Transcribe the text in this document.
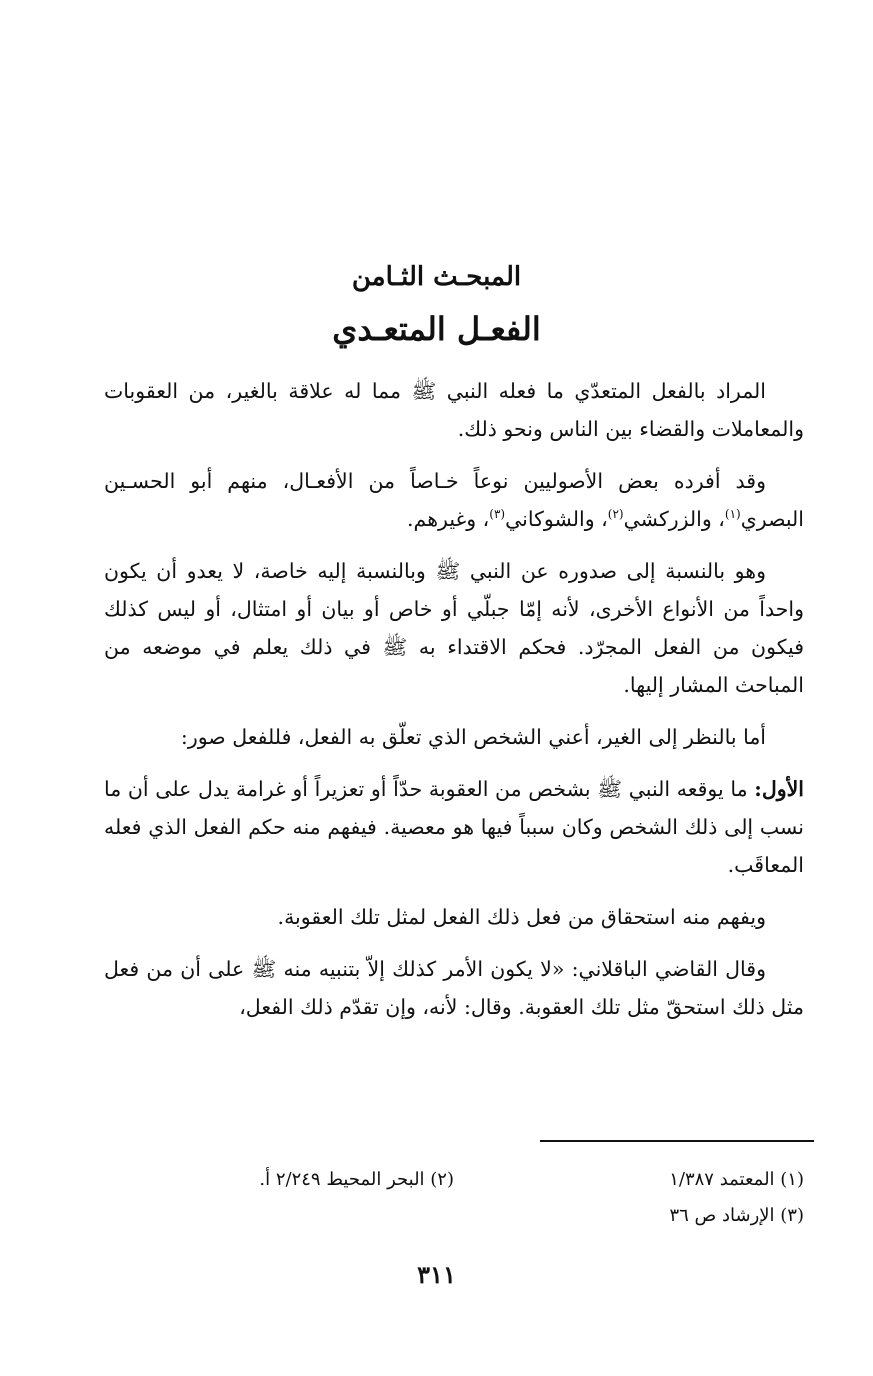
المبحـث الثـامن
الفعـل المتعـدي

المراد بالفعل المتعدّي ما فعله النبي ﷺ مما له علاقة بالغير، من العقوبات والمعاملات والقضاء بين الناس ونحو ذلك.

وقد أفرده بعض الأصوليين نوعاً خـاصاً من الأفعـال، منهم أبو الحسـين البصري$^{(١)}$، والزركشي$^{(٢)}$، والشوكاني$^{(٣)}$، وغيرهم.

وهو بالنسبة إلى صدوره عن النبي ﷺ وبالنسبة إليه خاصة، لا يعدو أن يكون واحداً من الأنواع الأخرى، لأنه إمّا جبلّي أو خاص أو بيان أو امتثال، أو ليس كذلك فيكون من الفعل المجرّد. فحكم الاقتداء به ﷺ في ذلك يعلم في موضعه من المباحث المشار إليها.

أما بالنظر إلى الغير، أعني الشخص الذي تعلّق به الفعل، فللفعل صور:

الأول: ما يوقعه النبي ﷺ بشخص من العقوبة حدّاً أو تعزيراً أو غرامة يدل على أن ما نسب إلى ذلك الشخص وكان سبباً فيها هو معصية. فيفهم منه حكم الفعل الذي فعله المعاقَب.

ويفهم منه استحقاق من فعل ذلك الفعل لمثل تلك العقوبة.

وقال القاضي الباقلاني: «لا يكون الأمر كذلك إلاّ بتنبيه منه ﷺ على أن من فعل مثل ذلك استحقّ مثل تلك العقوبة. وقال: لأنه، وإن تقدّم ذلك الفعل،

(١) المعتمد ١/٣٨٧
(٢) البحر المحيط ٢/٢٤٩ أ.
(٣) الإرشاد ص ٣٦
٣١١
